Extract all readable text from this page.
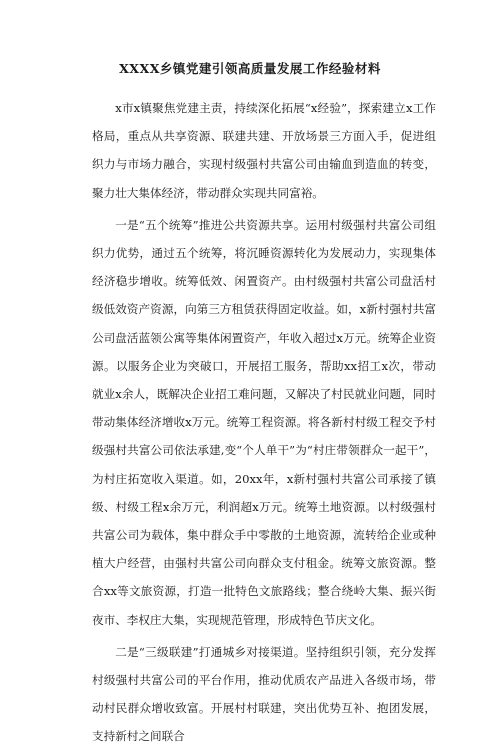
XXXX乡镇党建引领高质量发展工作经验材料

x市x镇聚焦党建主责，持续深化拓展“x经验”，探索建立x工作格局，重点从共享资源、联建共建、开放场景三方面入手，促进组织力与市场力融合，实现村级强村共富公司由输血到造血的转变，聚力壮大集体经济，带动群众实现共同富裕。

一是“五个统筹”推进公共资源共享。运用村级强村共富公司组织力优势，通过五个统筹，将沉睡资源转化为发展动力，实现集体经济稳步增收。统筹低效、闲置资产。由村级强村共富公司盘活村级低效资产资源，向第三方租赁获得固定收益。如，x新村强村共富公司盘活蓝领公寓等集体闲置资产，年收入超过x万元。统筹企业资源。以服务企业为突破口，开展招工服务，帮助xx招工x次，带动就业x余人，既解决企业招工难问题，又解决了村民就业问题，同时带动集体经济增收x万元。统筹工程资源。将各新村村级工程交予村级强村共富公司依法承建,变“个人单干”为“村庄带领群众一起干”，为村庄拓宽收入渠道。如，20xx年，x新村强村共富公司承接了镇级、村级工程x余万元，利润超x万元。统筹土地资源。以村级强村共富公司为载体，集中群众手中零散的土地资源，流转给企业或种植大户经营，由强村共富公司向群众支付租金。统筹文旅资源。整合xx等文旅资源，打造一批特色文旅路线；整合绕岭大集、振兴街夜市、李权庄大集，实现规范管理，形成特色节庆文化。

二是“三级联建”打通城乡对接渠道。坚持组织引领，充分发挥村级强村共富公司的平台作用，推动优质农产品进入各级市场，带动村民群众增收致富。开展村村联建，突出优势互补、抱团发展，支持新村之间联合
